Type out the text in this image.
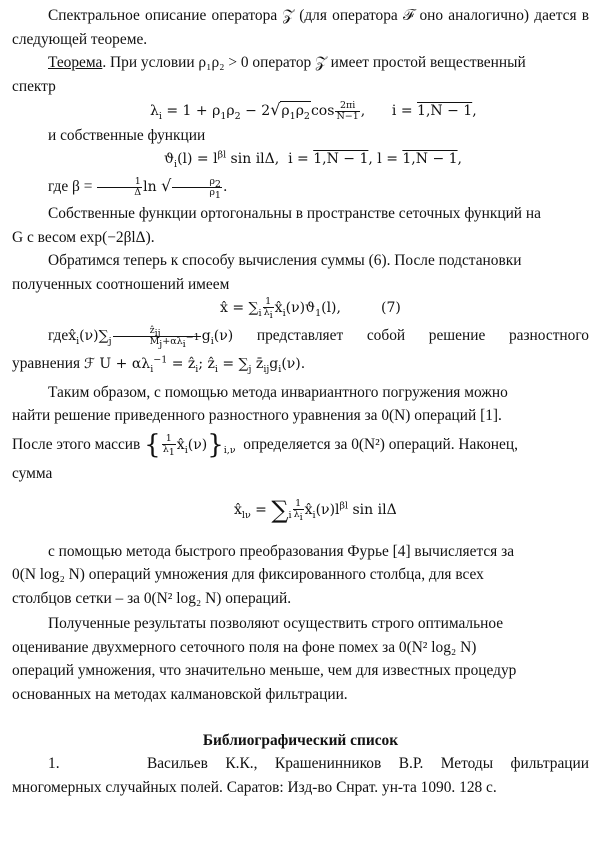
Спектральное описание оператора 𝒵 (для оператора ℱ оно аналогично) дается в следующей теореме.

Теорема. При условии ρ₁ρ₂ > 0 оператор 𝒵 имеет простой вещественный

спектр

$\lambda_i = 1 + \rho_1\rho_2 - 2√\rho_1\rho_2\cos \frac{2\pi i}{N-1}$ ,      i = 1,N − 1,

и собственные функции

$ϑ_i(l) = l^{\beta l}$ sin ilΔ,  i = 1,N − 1, l = 1,N − 1,

где $\beta = \frac{1}{\Delta}$ ln √ $\frac{\rho_2}{\rho_1}$ .

Собственные функции ортогональны в пространстве сеточных функций на

G с весом exp(−2βlΔ).

Обратимся теперь к способу вычисления суммы (6). После подстановки

полученных соотношений имеем

x̂ = $\sum_i \frac{1}{\lambda_i}$ $x̂_i(\nu)ϑ_1(l)$,         (7)

$гдеx̂_i(\nu)\sum_j \frac{ẑ_{ij}}{M_j+\alpha\lambda_i^{-1}} g_i(\nu)$ представляет собой решение разностного

уравнения ℱ $U + \alpha\lambda_i^{-1}$ = ẑ$_i$; ẑ$_i$ = $\sum_j$ $z̄_{ij}g_i(\nu)$.

Таким образом, с помощью метода инвариантного погружения можно

найти решение приведенного разностного уравнения за 0(N) операций [1].

После этого массив { $\frac{1}{\lambda_1}$ $x̂_i(\nu)\}_{i,\nu}$ определяется за 0(N²) операций. Наконец,

сумма

$x̂_{l\nu} = \sum_i \frac{1}{\lambda_i}$ $x̂_i(\nu)l^{\beta l}$ sin ilΔ

с помощью метода быстрого преобразования Фурье [4] вычисляется за

0(N log₂ N) операций умножения для фиксированного столбца, для всех

столбцов сетки – за 0(N² log₂ N) операций.

Полученные результаты позволяют осуществить строго оптимальное

оценивание двухмерного сеточного поля на фоне помех за 0(N² log₂ N)

операций умножения, что значительно меньше, чем для известных процедур

основанных на методах калмановской фильтрации.

Библиографический список

1.	Васильев К.К., Крашенинников В.Р. Методы фильтрации

многомерных случайных полей. Саратов: Изд-во Снрат. ун-та 1090. 128 с.
